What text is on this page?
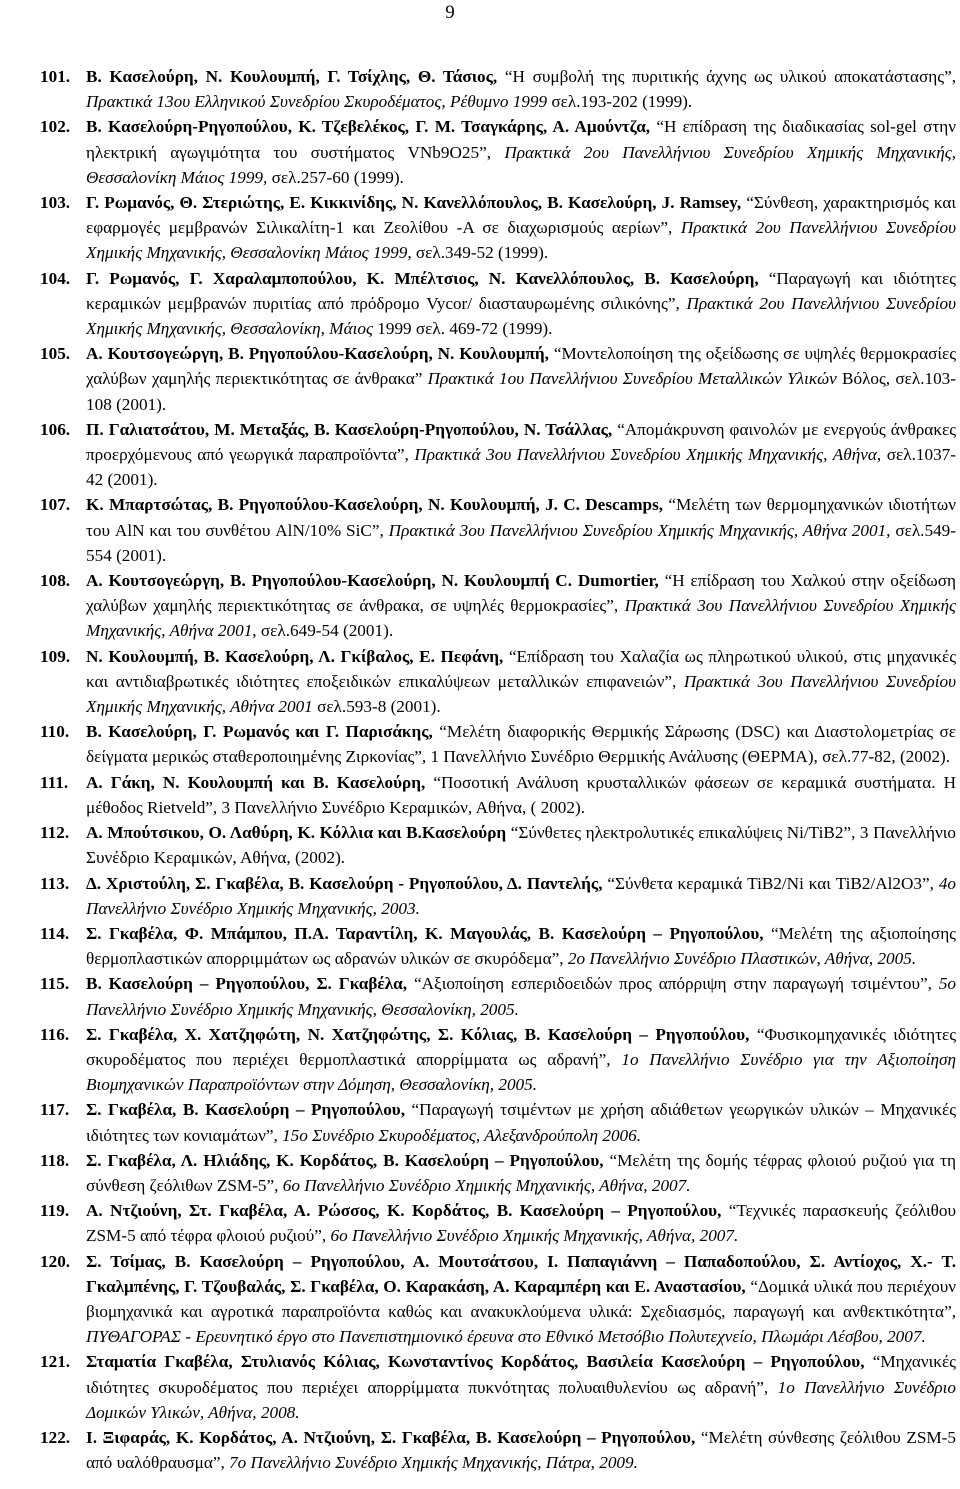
9
101. Β. Κασελούρη, Ν. Κουλουμπή, Γ. Τσίχλης, Θ. Τάσιος, “Η συμβολή της πυριτικής άχνης ως υλικού αποκατάστασης”, Πρακτικά 13ου Ελληνικού Συνεδρίου Σκυροδέματος, Ρέθυμνο 1999 σελ.193-202 (1999).
102. Β. Κασελούρη-Ρηγοπούλου, Κ. Τζεβελέκος, Γ. Μ. Τσαγκάρης, Α. Αμούντζα, “Η επίδραση της διαδικασίας sol-gel στην ηλεκτρική αγωγιμότητα του συστήματος VNb9O25”, Πρακτικά 2ου Πανελλήνιου Συνεδρίου Χημικής Μηχανικής, Θεσσαλονίκη Μάιος 1999, σελ.257-60 (1999).
103. Γ. Ρωμανός, Θ. Στεριώτης, Ε. Κικκινίδης, Ν. Κανελλόπουλος, Β. Κασελούρη, J. Ramsey, “Σύνθεση, χαρακτηρισμός και εφαρμογές μεμβρανών Σιλικαλίτη-1 και Ζεολίθου -Α σε διαχωρισμούς αερίων”, Πρακτικά 2ου Πανελλήνιου Συνεδρίου Χημικής Μηχανικής, Θεσσαλονίκη Μάιος 1999, σελ.349-52 (1999).
104. Γ. Ρωμανός, Γ. Χαραλαμποπούλου, Κ. Μπέλτσιος, Ν. Κανελλόπουλος, Β. Κασελούρη, “Παραγωγή και ιδιότητες κεραμικών μεμβρανών πυριτίας από πρόδρομο Vycor/ διασταυρωμένης σιλικόνης”, Πρακτικά 2ου Πανελλήνιου Συνεδρίου Χημικής Μηχανικής, Θεσσαλονίκη, Μάιος 1999 σελ. 469-72 (1999).
105. Α. Κουτσογεώργη, Β. Ρηγοπούλου-Κασελούρη, Ν. Κουλουμπή, “Μοντελοποίηση της οξείδωσης σε υψηλές θερμοκρασίες χαλύβων χαμηλής περιεκτικότητας σε άνθρακα” Πρακτικά 1ου Πανελλήνιου Συνεδρίου Μεταλλικών Υλικών Βόλος, σελ.103-108 (2001).
106. Π. Γαλιατσάτου, Μ. Μεταξάς, Β. Κασελούρη-Ρηγοπούλου, Ν. Τσάλλας, “Απομάκρυνση φαινολών με ενεργούς άνθρακες προερχόμενους από γεωργικά παραπροϊόντα”, Πρακτικά 3ου Πανελλήνιου Συνεδρίου Χημικής Μηχανικής, Αθήνα, σελ.1037-42 (2001).
107. Κ. Μπαρτσώτας, Β. Ρηγοπούλου-Κασελούρη, Ν. Κουλουμπή, J. C. Descamps, “Μελέτη των θερμομηχανικών ιδιοτήτων του AlN και του συνθέτου AlN/10% SiC”, Πρακτικά 3ου Πανελλήνιου Συνεδρίου Χημικής Μηχανικής, Αθήνα 2001, σελ.549-554 (2001).
108. Α. Κουτσογεώργη, Β. Ρηγοπούλου-Κασελούρη, Ν. Κουλουμπή C. Dumortier, “Η επίδραση του Χαλκού στην οξείδωση χαλύβων χαμηλής περιεκτικότητας σε άνθρακα, σε υψηλές θερμοκρασίες”, Πρακτικά 3ου Πανελλήνιου Συνεδρίου Χημικής Μηχανικής, Αθήνα 2001, σελ.649-54 (2001).
109. Ν. Κουλουμπή, Β. Κασελούρη, Λ. Γκίβαλος, Ε. Πεφάνη, “Επίδραση του Χαλαζία ως πληρωτικού υλικού, στις μηχανικές και αντιδιαβρωτικές ιδιότητες εποξειδικών επικαλύψεων μεταλλικών επιφανειών”, Πρακτικά 3ου Πανελλήνιου Συνεδρίου Χημικής Μηχανικής, Αθήνα 2001 σελ.593-8 (2001).
110. Β. Κασελούρη, Γ. Ρωμανός και Γ. Παρισάκης, “Μελέτη διαφορικής Θερμικής Σάρωσης (DSC) και Διαστολομετρίας σε δείγματα μερικώς σταθεροποιημένης Ζιρκονίας”, 1 Πανελλήνιο Συνέδριο Θερμικής Ανάλυσης (ΘΕΡΜΑ), σελ.77-82, (2002).
111. Α. Γάκη, Ν. Κουλουμπή και Β. Κασελούρη, “Ποσοτική Ανάλυση κρυσταλλικών φάσεων σε κεραμικά συστήματα. Η μέθοδος Rietveld”, 3 Πανελλήνιο Συνέδριο Κεραμικών, Αθήνα, ( 2002).
112. Α. Μπούτσικου, Ο. Λαθύρη, Κ. Κόλλια και Β.Κασελούρη “Σύνθετες ηλεκτρολυτικές επικαλύψεις Ni/TiB2”, 3 Πανελλήνιο Συνέδριο Κεραμικών, Αθήνα, (2002).
113. Δ. Χριστούλη, Σ. Γκαβέλα, Β. Κασελούρη - Ρηγοπούλου, Δ. Παντελής, “Σύνθετα κεραμικά TiB2/Ni και TiB2/Al2O3”, 4ο Πανελλήνιο Συνέδριο Χημικής Μηχανικής, 2003.
114. Σ. Γκαβέλα, Φ. Μπάμπου, Π.Α. Ταραντίλη, Κ. Μαγουλάς, Β. Κασελούρη – Ρηγοπούλου, “Μελέτη της αξιοποίησης θερμοπλαστικών απορριμμάτων ως αδρανών υλικών σε σκυρόδεμα”, 2ο Πανελλήνιο Συνέδριο Πλαστικών, Αθήνα, 2005.
115. Β. Κασελούρη – Ρηγοπούλου, Σ. Γκαβέλα, “Αξιοποίηση εσπεριδοειδών προς απόρριψη στην παραγωγή τσιμέντου”, 5ο Πανελλήνιο Συνέδριο Χημικής Μηχανικής, Θεσσαλονίκη, 2005.
116. Σ. Γκαβέλα, Χ. Χατζηφώτη, Ν. Χατζηφώτης, Σ. Κόλιας, Β. Κασελούρη – Ρηγοπούλου, “Φυσικομηχανικές ιδιότητες σκυροδέματος που περιέχει θερμοπλαστικά απορρίμματα ως αδρανή”, 1ο Πανελλήνιο Συνέδριο για την Αξιοποίηση Βιομηχανικών Παραπροϊόντων στην Δόμηση, Θεσσαλονίκη, 2005.
117. Σ. Γκαβέλα, Β. Κασελούρη – Ρηγοπούλου, “Παραγωγή τσιμέντων με χρήση αδιάθετων γεωργικών υλικών – Μηχανικές ιδιότητες των κονιαμάτων”, 15ο Συνέδριο Σκυροδέματος, Αλεξανδρούπολη 2006.
118. Σ. Γκαβέλα, Λ. Ηλιάδης, Κ. Κορδάτος, Β. Κασελούρη – Ρηγοπούλου, “Μελέτη της δομής τέφρας φλοιού ρυζιού για τη σύνθεση ζεόλιθων ZSM-5”, 6ο Πανελλήνιο Συνέδριο Χημικής Μηχανικής, Αθήνα, 2007.
119. Α. Ντζιούνη, Στ. Γκαβέλα, Α. Ρώσσος, Κ. Κορδάτος, Β. Κασελούρη – Ρηγοπούλου, “Τεχνικές παρασκευής ζεόλιθου ZSM-5 από τέφρα φλοιού ρυζιού”, 6ο Πανελλήνιο Συνέδριο Χημικής Μηχανικής, Αθήνα, 2007.
120. Σ. Τσίμας, Β. Κασελούρη – Ρηγοπούλου, Α. Μουτσάτσου, Ι. Παπαγιάννη – Παπαδοπούλου, Σ. Αντίοχος, Χ.- Τ. Γκαλμπένης, Γ. Τζουβαλάς, Σ. Γκαβέλα, Ο. Καρακάση, Α. Καραμπέρη και Ε. Αναστασίου, “Δομικά υλικά που περιέχουν βιομηχανικά και αγροτικά παραπροϊόντα καθώς και ανακυκλούμενα υλικά: Σχεδιασμός, παραγωγή και ανθεκτικότητα”, ΠΥΘΑΓΟΡΑΣ - Ερευνητικό έργο στο Πανεπιστημιονικό έρευνα στο Εθνικό Μετσόβιο Πολυτεχνείο, Πλωμάρι Λέσβου, 2007.
121. Σταματία Γκαβέλα, Στυλιανός Κόλιας, Κωνσταντίνος Κορδάτος, Βασιλεία Κασελούρη – Ρηγοπούλου, “Μηχανικές ιδιότητες σκυροδέματος που περιέχει απορρίμματα πυκνότητας πολυαιθυλενίου ως αδρανή”, 1ο Πανελλήνιο Συνέδριο Δομικών Υλικών, Αθήνα, 2008.
122. Ι. Ξιφαράς, Κ. Κορδάτος, Α. Ντζιούνη, Σ. Γκαβέλα, Β. Κασελούρη – Ρηγοπούλου, “Μελέτη σύνθεσης ζεόλιθου ZSM-5 από υαλόθραυσμα”, 7ο Πανελλήνιο Συνέδριο Χημικής Μηχανικής, Πάτρα, 2009.
